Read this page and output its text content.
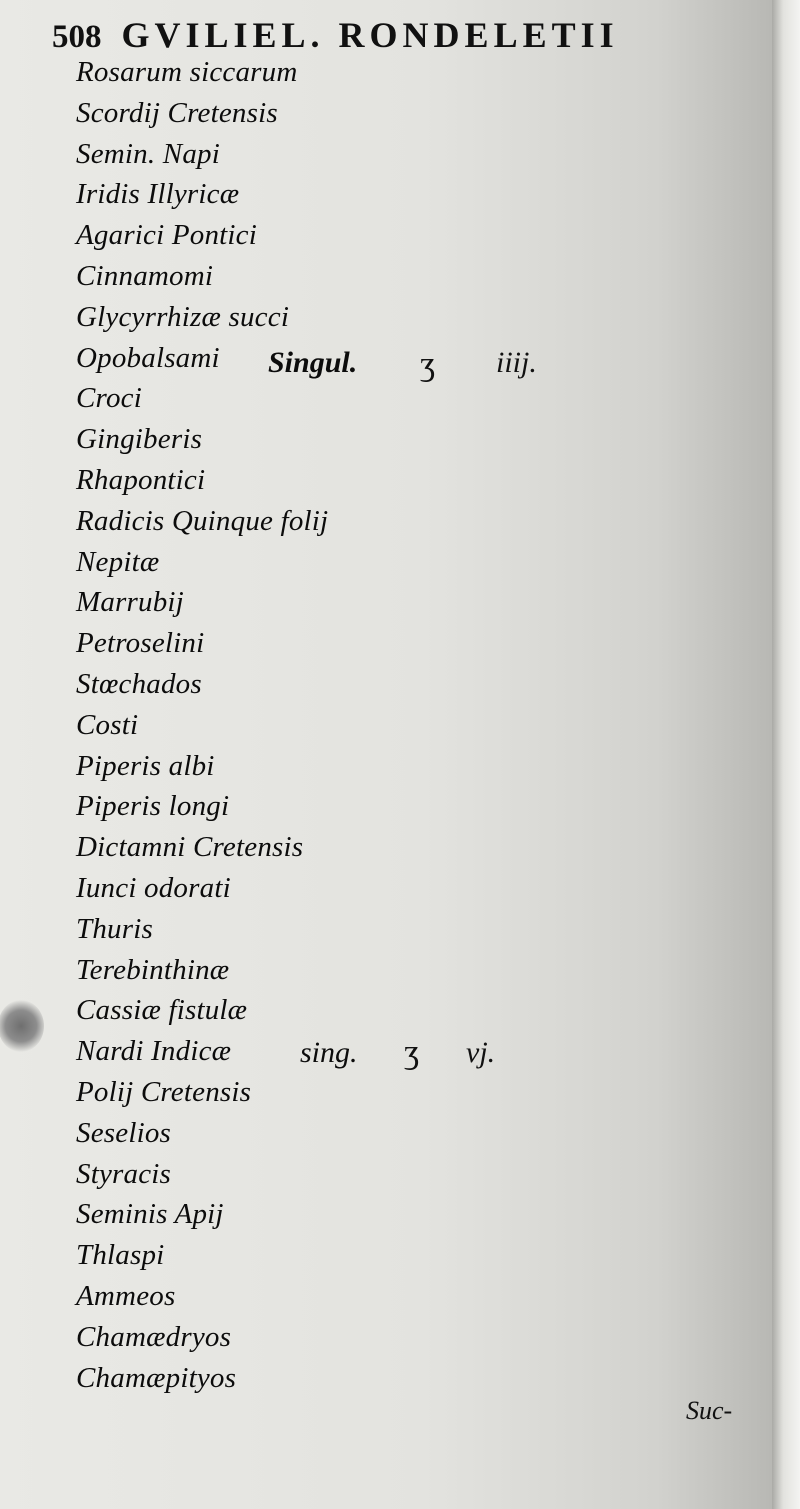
508 GVILIEL. RONDELETII
Rosarum siccarum
Scordij Cretensis
Semin. Napi
Iridis Illyricæ
Agarici Pontici
Cinnamomi
Glycyrrhizæ succi
Opobalsami
Croci
Gingiberis
Rhapontici
Radicis Quinque folij
Nepitæ
Marrubij
Petroselini
Stœchados
Costi
Piperis albi
Piperis longi
Dictamni Cretensis
Iunci odorati
Thuris
Terebinthinæ
Cassiæ fistulæ
Nardi Indicæ
Polij Cretensis
Seselios
Styracis
Seminis Apij
Thlaspi
Ammeos
Chamædryos
Chamæpityos
Singul. ʒ iiij.
sing. ʒ vj.
Suc-
